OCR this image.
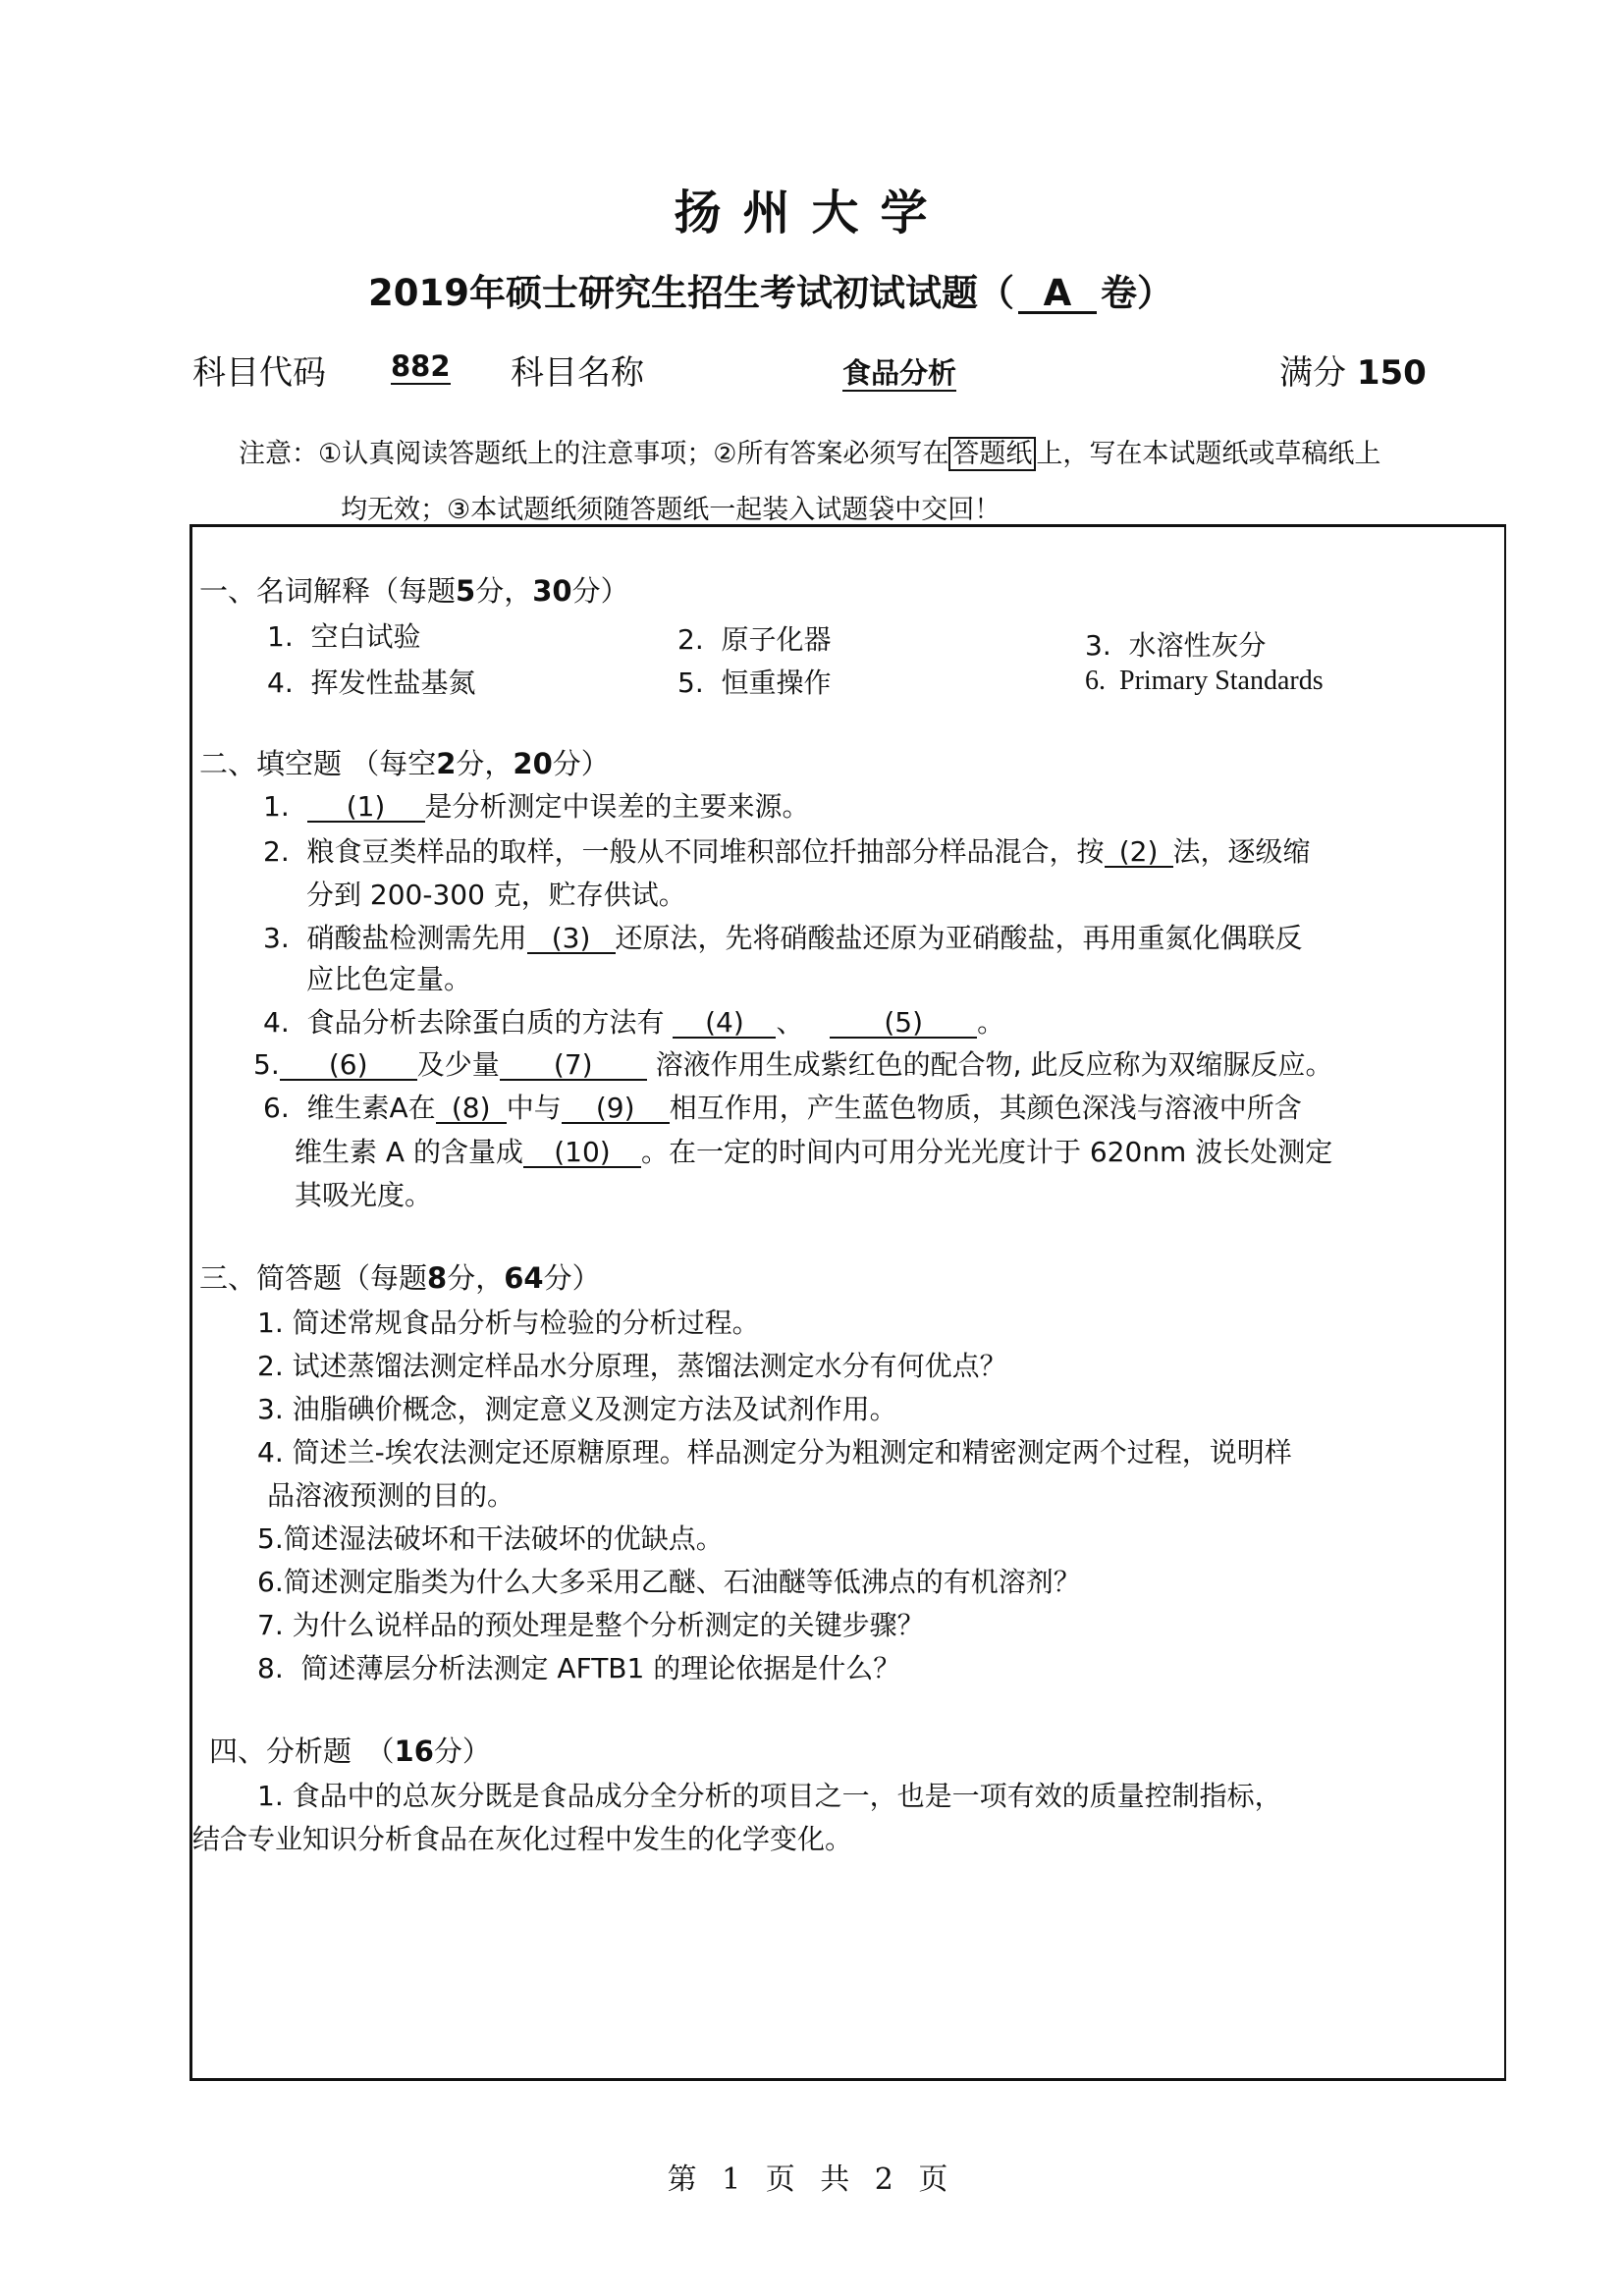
扬州大学
2019年硕士研究生招生考试初试试题（ A 卷）
科目代码 882 科目名称	食品分析	满分 150
注意：①认真阅读答题纸上的注意事项；②所有答案必须写在 答题纸 上，写在本试题纸或草稿纸上
均无效；③本试题纸须随答题纸一起装入试题袋中交回！
一、名词解释（每题5分，30分）
1. 空白试验	2. 原子化器	3. 水溶性灰分
4. 挥发性盐基氮	5. 恒重操作	6. Primary Standards
二、填空题 （每空2分，20分）
1. (1) 是分析测定中误差的主要来源。
2. 粮食豆类样品的取样，一般从不同堆积部位扦抽部分样品混合，按 (2) 法，逐级缩
分到 200-300 克，贮存供试。
3. 硝酸盐检测需先用 (3) 还原法，先将硝酸盐还原为亚硝酸盐，再用重氮化偶联反
应比色定量。
4. 食品分析去除蛋白质的方法有 (4) 、	(5) 。
5. (6) 及少量 (7) 溶液作用生成紫红色的配合物, 此反应称为双缩脲反应。
6. 维生素A在 (8) 中与 (9) 相互作用，产生蓝色物质，其颜色深浅与溶液中所含
维生素 A 的含量成 (10) 。在一定的时间内可用分光光度计于 620nm 波长处测定
其吸光度。
三、简答题（每题8分，64分）
1. 简述常规食品分析与检验的分析过程。
2. 试述蒸馏法测定样品水分原理，蒸馏法测定水分有何优点？
3. 油脂碘价概念，测定意义及测定方法及试剂作用。
4. 简述兰-埃农法测定还原糖原理。样品测定分为粗测定和精密测定两个过程，说明样
品溶液预测的目的。
5.简述湿法破坏和干法破坏的优缺点。
6.简述测定脂类为什么大多采用乙醚、石油醚等低沸点的有机溶剂？
7. 为什么说样品的预处理是整个分析测定的关键步骤？
8. 简述薄层分析法测定 AFTB1 的理论依据是什么？
四、分析题　（16分）
1. 食品中的总灰分既是食品成分全分析的项目之一，也是一项有效的质量控制指标，
结合专业知识分析食品在灰化过程中发生的化学变化。
第 1 页 共 2 页
